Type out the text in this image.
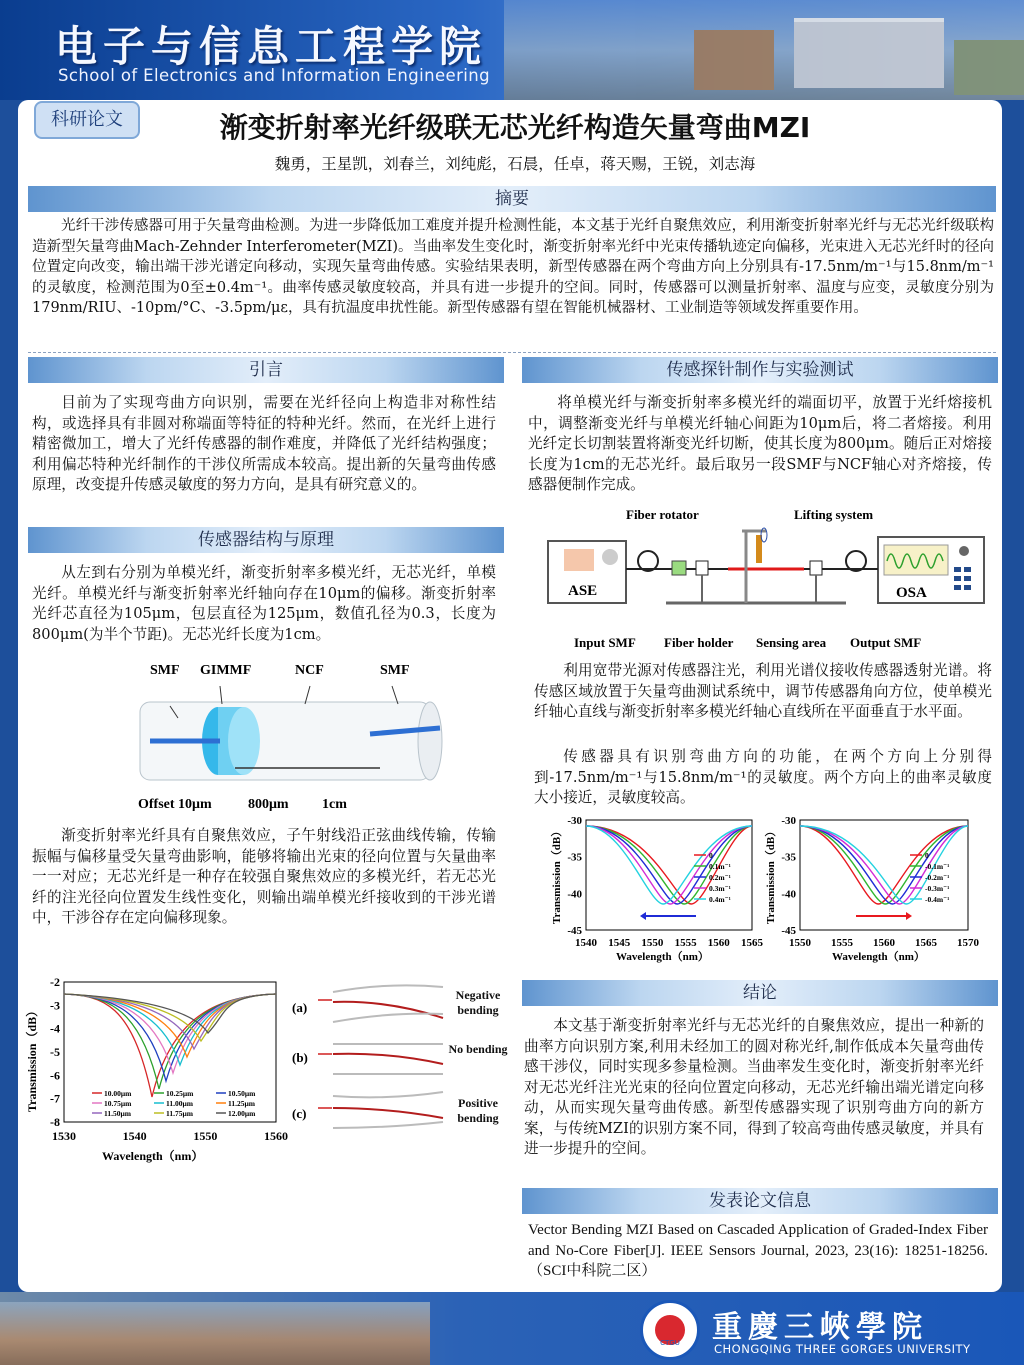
电子与信息工程学院
School of Electronics and Information Engineering
科研论文	渐变折射率光纤级联无芯光纤构造矢量弯曲MZI
魏勇，王星凯，刘春兰，刘纯彪，石晨，任卓，蒋天赐，王锐，刘志海
摘要
光纤干涉传感器可用于矢量弯曲检测。为进一步降低加工难度并提升检测性能，本文基于光纤自聚焦效应，利用渐变折射率光纤与无芯光纤级联构造新型矢量弯曲Mach-Zehnder Interferometer(MZI)。当曲率发生变化时，渐变折射率光纤中光束传播轨迹定向偏移，光束进入无芯光纤时的径向位置定向改变，输出端干涉光谱定向移动，实现矢量弯曲传感。实验结果表明，新型传感器在两个弯曲方向上分别具有-17.5nm/m⁻¹与15.8nm/m⁻¹的灵敏度，检测范围为0至±0.4m⁻¹。曲率传感灵敏度较高，并具有进一步提升的空间。同时，传感器可以测量折射率、温度与应变，灵敏度分别为179nm/RIU、-10pm/°C、-3.5pm/με，具有抗温度串扰性能。新型传感器有望在智能机械器材、工业制造等领域发挥重要作用。
引言
目前为了实现弯曲方向识别，需要在光纤径向上构造非对称性结构，或选择具有非圆对称端面等特征的特种光纤。然而，在光纤上进行精密微加工，增大了光纤传感器的制作难度，并降低了光纤结构强度；利用偏芯特种光纤制作的干涉仪所需成本较高。提出新的矢量弯曲传感原理，改变提升传感灵敏度的努力方向，是具有研究意义的。
传感器结构与原理
从左到右分别为单模光纤，渐变折射率多模光纤，无芯光纤，单模光纤。单模光纤与渐变折射率光纤轴向存在10μm的偏移。渐变折射率光纤芯直径为105μm，包层直径为125μm，数值孔径为0.3，长度为800μm(为半个节距)。无芯光纤长度为1cm。
SMF GIMMF	NCF	SMF
Offset 10μm	800μm 1cm
渐变折射率光纤具有自聚焦效应，子午射线沿正弦曲线传输，传输振幅与偏移量受矢量弯曲影响，能够将输出光束的径向位置与矢量曲率一一对应；无芯光纤是一种存在较强自聚焦效应的多模光纤，若无芯光纤的注光径向位置发生线性变化，则输出端单模光纤接收到的干涉光谱中，干涉谷存在定向偏移现象。
Transmission（dB）
Wavelength（nm）
-2
-3
-4
-5
-6
-7
-8
1530	1540	1550	1560
10.00μm	10.25μm	10.50μm
10.75μm	11.00μm	11.25μm
11.50μm	11.75μm	12.00μm
(a)
(b)
(c)
Negative bending
No bending
Positive bending
传感探针制作与实验测试
将单模光纤与渐变折射率多模光纤的端面切平，放置于光纤熔接机中，调整渐变光纤与单模光纤轴心间距为10μm后，将二者熔接。利用光纤定长切割装置将渐变光纤切断，使其长度为800μm。随后正对熔接长度为1cm的无芯光纤。最后取另一段SMF与NCF轴心对齐熔接，传感器便制作完成。
Fiber rotator	Lifting system
ASE	OSA
Input SMF Fiber holder Sensing area Output SMF
利用宽带光源对传感器注光，利用光谱仪接收传感器透射光谱。将传感区域放置于矢量弯曲测试系统中，调节传感器角向方位，使单模光纤轴心直线与渐变折射率多模光纤轴心直线所在平面垂直于水平面。
传感器具有识别弯曲方向的功能，在两个方向上分别得到-17.5nm/m⁻¹与15.8nm/m⁻¹的灵敏度。两个方向上的曲率灵敏度大小接近，灵敏度较高。
Transmission（dB）	Transmission（dB）
Wavelength（nm）	Wavelength（nm）
-30
-35
-40
-45
1540 1545 1550 1555 1560 1565
0
0.1m⁻¹
0.2m⁻¹
0.3m⁻¹
0.4m⁻¹
-30
-35
-40
-45
1550 1555 1560 1565 1570
0
-0.1m⁻¹
-0.2m⁻¹
-0.3m⁻¹
-0.4m⁻¹
结论
本文基于渐变折射率光纤与无芯光纤的自聚焦效应，提出一种新的曲率方向识别方案,利用未经加工的圆对称光纤,制作低成本矢量弯曲传感干涉仪，同时实现多参量检测。当曲率发生变化时，渐变折射率光纤对无芯光纤注光光束的径向位置定向移动，无芯光纤输出端光谱定向移动，从而实现矢量弯曲传感。新型传感器实现了识别弯曲方向的新方案，与传统MZI的识别方案不同，得到了较高弯曲传感灵敏度，并具有进一步提升的空间。
发表论文信息
Vector Bending MZI Based on Cascaded Application of Graded-Index Fiber and No-Core Fiber[J]. IEEE Sensors Journal, 2023, 23(16): 18251-18256.（SCI中科院二区）
CTGU	重慶三峽學院
CHONGQING THREE GORGES UNIVERSITY
